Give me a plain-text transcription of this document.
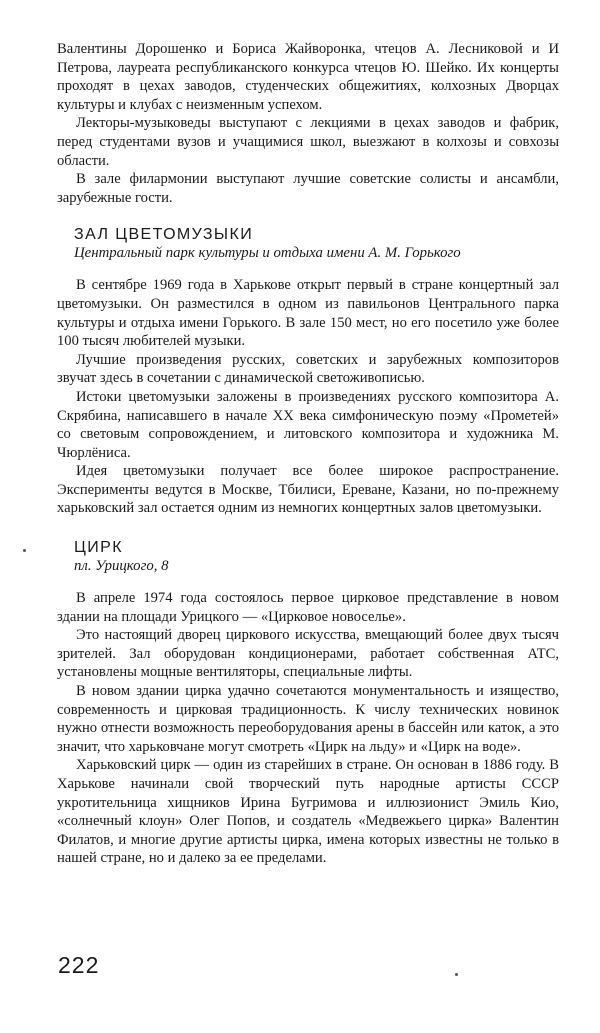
Валентины Дорошенко и Бориса Жайворонка, чтецов А. Лесниковой и И Петрова, лауреата республиканского конкурса чтецов Ю. Шейко. Их концерты проходят в цехах заводов, студенческих общежитиях, колхозных Дворцах культуры и клубах с неизменным успехом.

Лекторы-музыковеды выступают с лекциями в цехах заводов и фабрик, перед студентами вузов и учащимися школ, выезжают в колхозы и совхозы области.

В зале филармонии выступают лучшие советские солисты и ансамбли, зарубежные гости.

ЗАЛ ЦВЕТОМУЗЫКИ
Центральный парк культуры и отдыха имени А. М. Горького

В сентябре 1969 года в Харькове открыт первый в стране концертный зал цветомузыки. Он разместился в одном из павильонов Центрального парка культуры и отдыха имени Горького. В зале 150 мест, но его посетило уже более 100 тысяч любителей музыки.

Лучшие произведения русских, советских и зарубежных композиторов звучат здесь в сочетании с динамической светоживописью.

Истоки цветомузыки заложены в произведениях русского композитора А. Скрябина, написавшего в начале XX века симфоническую поэму «Прометей» со световым сопровождением, и литовского композитора и художника М. Чюрлёниса.

Идея цветомузыки получает все более широкое распространение. Эксперименты ведутся в Москве, Тбилиси, Ереване, Казани, но по-прежнему харьковский зал остается одним из немногих концертных залов цветомузыки.

ЦИРК
пл. Урицкого, 8

В апреле 1974 года состоялось первое цирковое представление в новом здании на площади Урицкого — «Цирковое новоселье».

Это настоящий дворец циркового искусства, вмещающий более двух тысяч зрителей. Зал оборудован кондиционерами, работает собственная АТС, установлены мощные вентиляторы, специальные лифты.

В новом здании цирка удачно сочетаются монументальность и изящество, современность и цирковая традиционность. К числу технических новинок нужно отнести возможность переоборудования арены в бассейн или каток, а это значит, что харьковчане могут смотреть «Цирк на льду» и «Цирк на воде».

Харьковский цирк — один из старейших в стране. Он основан в 1886 году. В Харькове начинали свой творческий путь народные артисты СССР укротительница хищников Ирина Бугримова и иллюзионист Эмиль Кио, «солнечный клоун» Олег Попов, и создатель «Медвежьего цирка» Валентин Филатов, и многие другие артисты цирка, имена которых известны не только в нашей стране, но и далеко за ее пределами.

222
